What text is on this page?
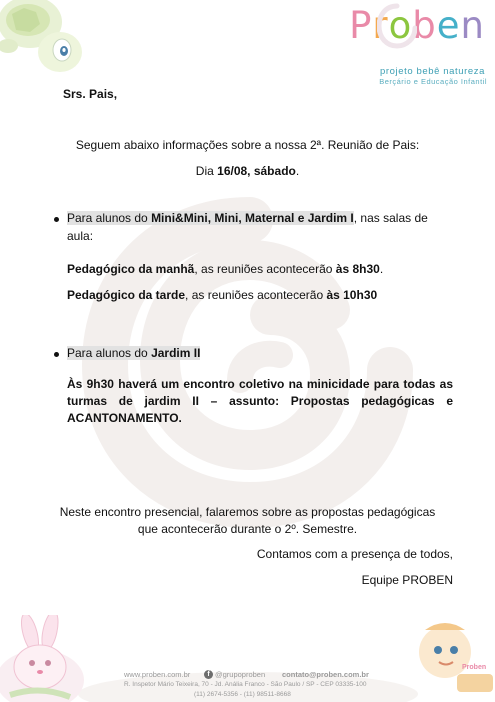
Proben
projeto bebê natureza
Berçário e Educação Infantil
Srs. Pais,
Seguem abaixo informações sobre a nossa 2ª. Reunião de Pais:
Dia 16/08, sábado.
Para alunos do Mini&Mini, Mini, Maternal e Jardim I, nas salas de
aula:
Pedagógico da manhã, as reuniões acontecerão às 8h30.
Pedagógico da tarde, as reuniões acontecerão às 10h30
Para alunos do Jardim II
Às 9h30 haverá um encontro coletivo na minicidade para todas as turmas de jardim II – assunto: Propostas pedagógicas e ACANTONAMENTO.
Neste encontro presencial, falaremos sobre as propostas pedagógicas
que acontecerão durante o 2º. Semestre.
Contamos com a presença de todos,
Equipe PROBEN
Proben
www.proben.com.br	f @grupoproben contato@proben.com.br
R. Inspetor Mário Teixeira, 70 - Jd. Anália Franco - São Paulo / SP - CEP 03335-100
(11) 2674-5356 - (11) 98511-8668
